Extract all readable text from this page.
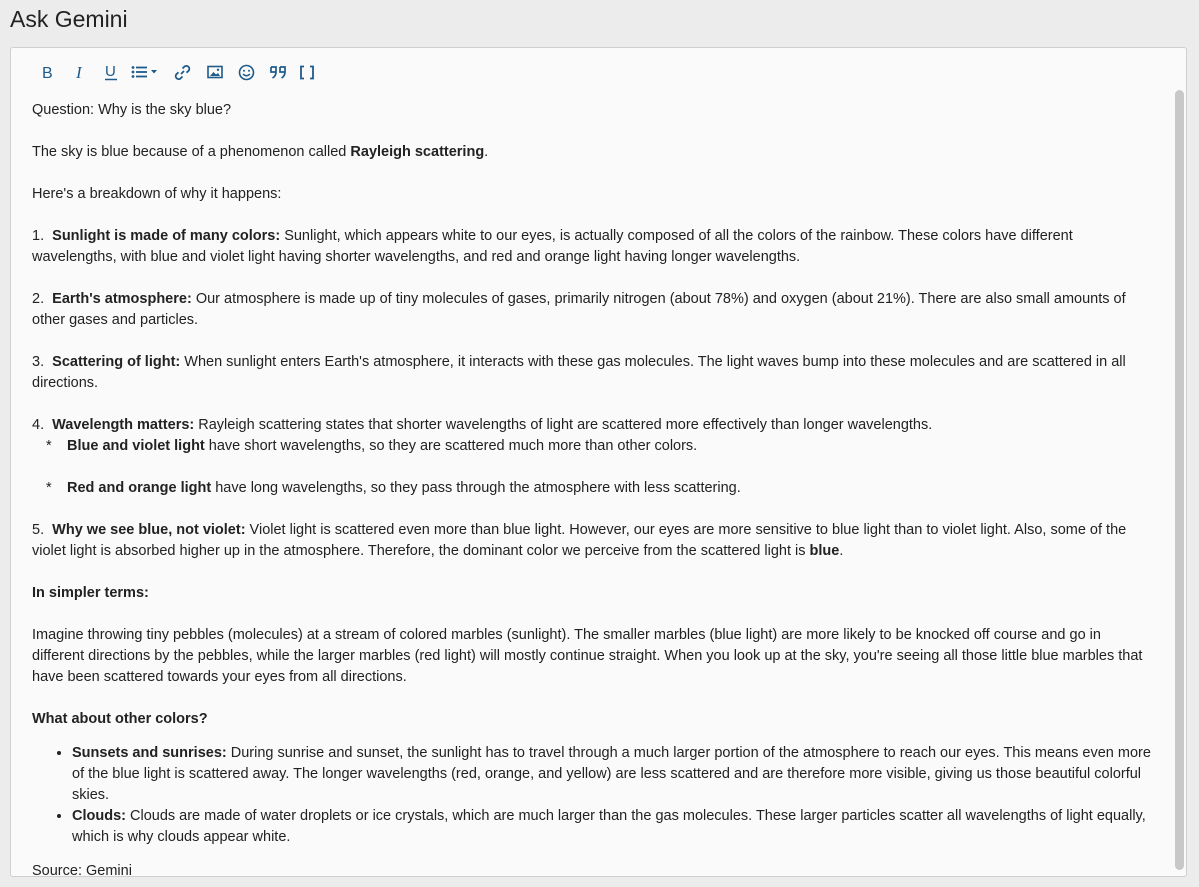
Ask Gemini
B I U

Question: Why is the sky blue?

The sky is blue because of a phenomenon called Rayleigh scattering.

Here's a breakdown of why it happens:

1. Sunlight is made of many colors: Sunlight, which appears white to our eyes, is actually composed of all the colors of the rainbow. These colors have different wavelengths, with blue and violet light having shorter wavelengths, and red and orange light having longer wavelengths.

2. Earth's atmosphere: Our atmosphere is made up of tiny molecules of gases, primarily nitrogen (about 78%) and oxygen (about 21%). There are also small amounts of other gases and particles.

3. Scattering of light: When sunlight enters Earth's atmosphere, it interacts with these gas molecules. The light waves bump into these molecules and are scattered in all directions.

4. Wavelength matters: Rayleigh scattering states that shorter wavelengths of light are scattered more effectively than longer wavelengths.

* Blue and violet light have short wavelengths, so they are scattered much more than other colors.

* Red and orange light have long wavelengths, so they pass through the atmosphere with less scattering.

5. Why we see blue, not violet: Violet light is scattered even more than blue light. However, our eyes are more sensitive to blue light than to violet light. Also, some of the violet light is absorbed higher up in the atmosphere. Therefore, the dominant color we perceive from the scattered light is blue.

In simpler terms:

Imagine throwing tiny pebbles (molecules) at a stream of colored marbles (sunlight). The smaller marbles (blue light) are more likely to be knocked off course and go in different directions by the pebbles, while the larger marbles (red light) will mostly continue straight. When you look up at the sky, you're seeing all those little blue marbles that have been scattered towards your eyes from all directions.

What about other colors?

• Sunsets and sunrises: During sunrise and sunset, the sunlight has to travel through a much larger portion of the atmosphere to reach our eyes. This means even more of the blue light is scattered away. The longer wavelengths (red, orange, and yellow) are less scattered and are therefore more visible, giving us those beautiful colorful skies.
• Clouds: Clouds are made of water droplets or ice crystals, which are much larger than the gas molecules. These larger particles scatter all wavelengths of light equally, which is why clouds appear white.

Source: Gemini
